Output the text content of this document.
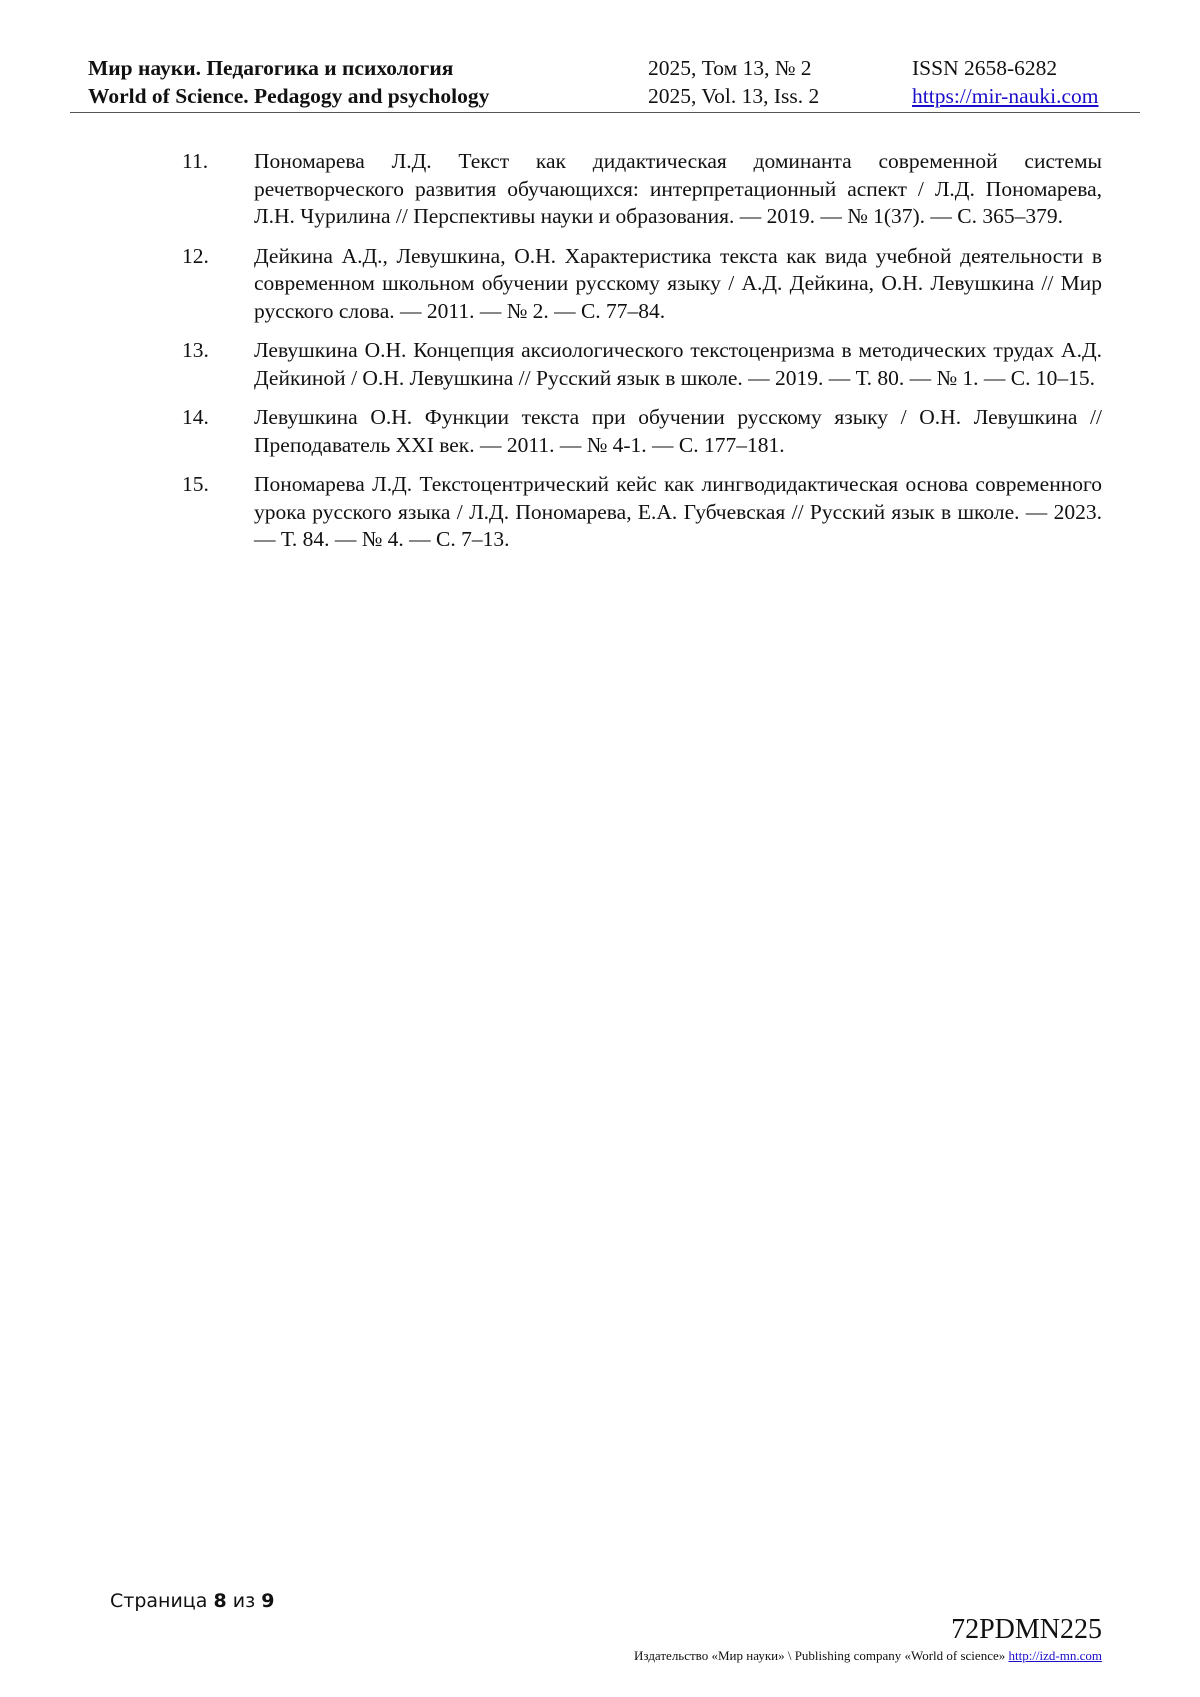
Мир науки. Педагогика и психология
World of Science. Pedagogy and psychology
2025, Том 13, № 2
2025, Vol. 13, Iss. 2
ISSN 2658-6282
https://mir-nauki.com
11. Пономарева Л.Д. Текст как дидактическая доминанта современной системы речетворческого развития обучающихся: интерпретационный аспект / Л.Д. Пономарева, Л.Н. Чурилина // Перспективы науки и образования. — 2019. — № 1(37). — С. 365–379.

12. Дейкина А.Д., Левушкина, О.Н. Характеристика текста как вида учебной деятельности в современном школьном обучении русскому языку / А.Д. Дейкина, О.Н. Левушкина // Мир русского слова. — 2011. — № 2. — С. 77–84.

13. Левушкина О.Н. Концепция аксиологического текстоценризма в методических трудах А.Д. Дейкиной / О.Н. Левушкина // Русский язык в школе. — 2019. — Т. 80. — № 1. — С. 10–15.

14. Левушкина О.Н. Функции текста при обучении русскому языку / О.Н. Левушкина // Преподаватель XXI век. — 2011. — № 4-1. — С. 177–181.

15. Пономарева Л.Д. Текстоцентрический кейс как лингводидактическая основа современного урока русского языка / Л.Д. Пономарева, Е.А. Губчевская // Русский язык в школе. — 2023. — Т. 84. — № 4. — С. 7–13.

Страница 8 из 9
72PDMN225
Издательство «Мир науки» \ Publishing company «World of science» http://izd-mn.com
